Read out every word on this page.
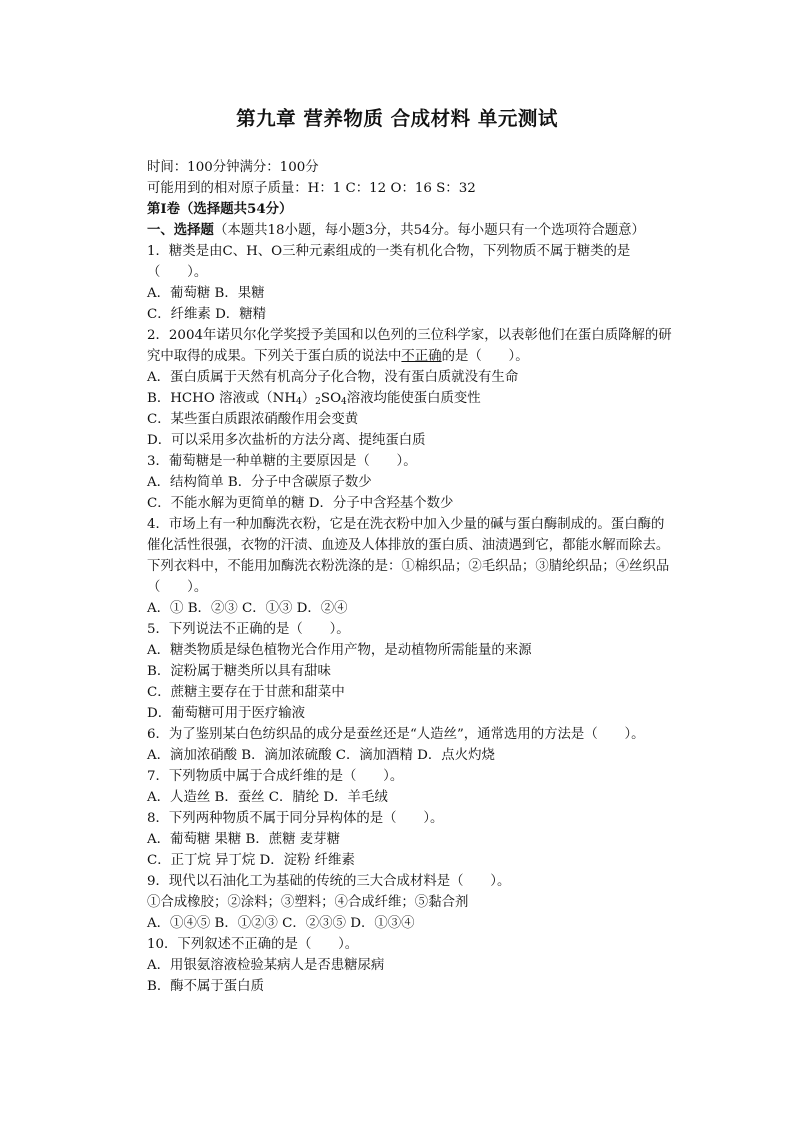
第九章 营养物质 合成材料 单元测试
时间：100分钟满分：100分
可能用到的相对原子质量：H：1 C：12 O：16 S：32
第Ⅰ卷（选择题共54分）
一、选择题（本题共18小题，每小题3分，共54分。每小题只有一个选项符合题意）
1．糖类是由C、H、O三种元素组成的一类有机化合物，下列物质不属于糖类的是（　　）。
A．葡萄糖 B．果糖
C．纤维素 D．糖精
2．2004年诺贝尔化学奖授予美国和以色列的三位科学家，以表彰他们在蛋白质降解的研究中取得的成果。下列关于蛋白质的说法中不正确的是（　　）。
A．蛋白质属于天然有机高分子化合物，没有蛋白质就没有生命
B．HCHO 溶液或$(NH_4)_2SO_4$溶液均能使蛋白质变性
C．某些蛋白质跟浓硝酸作用会变黄
D．可以采用多次盐析的方法分离、提纯蛋白质
3．葡萄糖是一种单糖的主要原因是（　　）。
A．结构简单 B．分子中含碳原子数少
C．不能水解为更简单的糖 D．分子中含羟基个数少
4．市场上有一种加酶洗衣粉，它是在洗衣粉中加入少量的碱与蛋白酶制成的。蛋白酶的催化活性很强，衣物的汗渍、血迹及人体排放的蛋白质、油渍遇到它，都能水解而除去。下列衣料中，不能用加酶洗衣粉洗涤的是：①棉织品；②毛织品；③腈纶织品；④丝织品（　　）。
A．① B．②③ C．①③ D．②④
5．下列说法不正确的是（　　）。
A．糖类物质是绿色植物光合作用产物，是动植物所需能量的来源
B．淀粉属于糖类所以具有甜味
C．蔗糖主要存在于甘蔗和甜菜中
D．葡萄糖可用于医疗输液
6．为了鉴别某白色纺织品的成分是蚕丝还是“人造丝”，通常选用的方法是（　　）。
A．滴加浓硝酸 B．滴加浓硫酸 C．滴加酒精 D．点火灼烧
7．下列物质中属于合成纤维的是（　　）。
A．人造丝 B．蚕丝 C．腈纶 D．羊毛绒
8．下列两种物质不属于同分异构体的是（　　）。
A．葡萄糖 果糖 B．蔗糖 麦芽糖
C．正丁烷 异丁烷 D．淀粉 纤维素
9．现代以石油化工为基础的传统的三大合成材料是（　　）。
①合成橡胶；②涂料；③塑料；④合成纤维；⑤黏合剂
A．①④⑤ B．①②③ C．②③⑤ D．①③④
10．下列叙述不正确的是（　　）。
A．用银氨溶液检验某病人是否患糖尿病
B．酶不属于蛋白质
